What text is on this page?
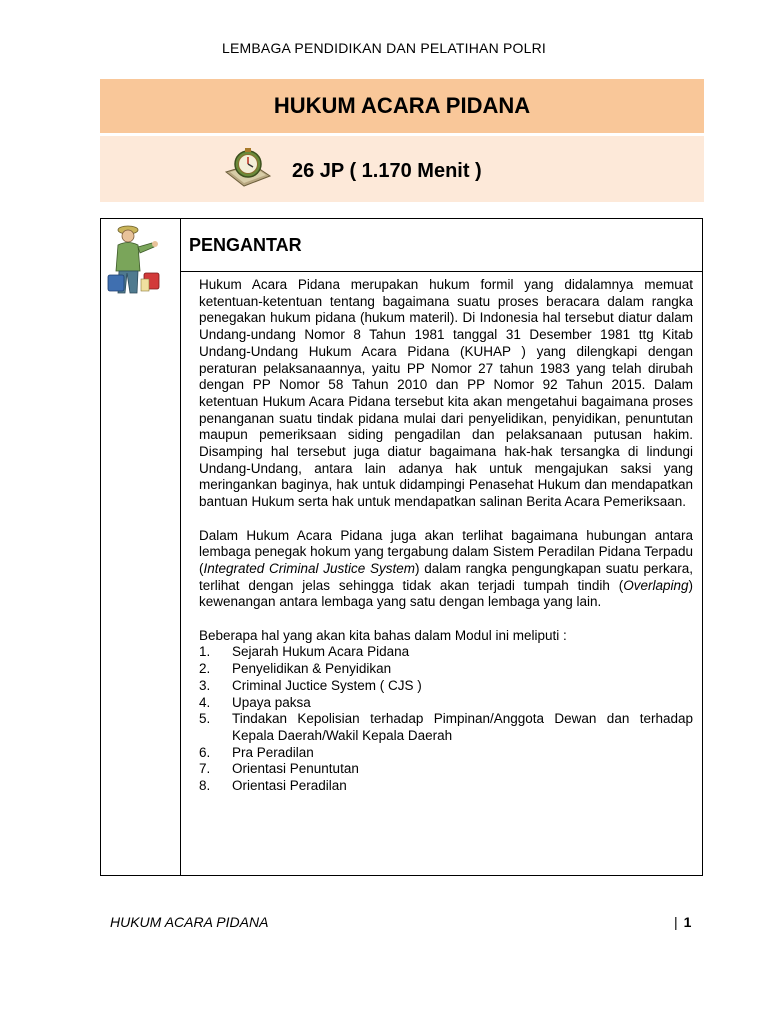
LEMBAGA PENDIDIKAN DAN PELATIHAN POLRI
HUKUM ACARA PIDANA
26 JP ( 1.170 Menit )
PENGANTAR

Hukum Acara Pidana merupakan hukum formil yang didalamnya memuat ketentuan-ketentuan tentang bagaimana suatu proses beracara dalam rangka penegakan hukum pidana (hukum materil). Di Indonesia hal tersebut diatur dalam Undang-undang Nomor 8 Tahun 1981 tanggal 31 Desember 1981 ttg Kitab Undang-Undang Hukum Acara Pidana (KUHAP ) yang dilengkapi dengan peraturan pelaksanaannya, yaitu PP Nomor 27 tahun 1983 yang telah dirubah dengan PP Nomor 58 Tahun 2010 dan PP Nomor 92 Tahun 2015. Dalam ketentuan Hukum Acara Pidana tersebut kita akan mengetahui bagaimana proses penanganan suatu tindak pidana mulai dari penyelidikan, penyidikan, penuntutan maupun pemeriksaan siding pengadilan dan pelaksanaan putusan hakim. Disamping hal tersebut juga diatur bagaimana hak-hak tersangka di lindungi Undang-Undang, antara lain adanya hak untuk mengajukan saksi yang meringankan baginya, hak untuk didampingi Penasehat Hukum dan mendapatkan bantuan Hukum serta hak untuk mendapatkan salinan Berita Acara Pemeriksaan.

Dalam Hukum Acara Pidana juga akan terlihat bagaimana hubungan antara lembaga penegak hokum yang tergabung dalam Sistem Peradilan Pidana Terpadu (Integrated Criminal Justice System) dalam rangka pengungkapan suatu perkara, terlihat dengan jelas sehingga tidak akan terjadi tumpah tindih (Overlaping) kewenangan antara lembaga yang satu dengan lembaga yang lain.

Beberapa hal yang akan kita bahas dalam Modul ini meliputi :

1.	Sejarah Hukum Acara Pidana
2.	Penyelidikan & Penyidikan
3.	Criminal Juctice System ( CJS )
4.	Upaya paksa
5.	Tindakan Kepolisian terhadap Pimpinan/Anggota Dewan dan terhadap Kepala Daerah/Wakil Kepala Daerah
6.	Pra Peradilan
7.	Orientasi Penuntutan
8.	Orientasi Peradilan
HUKUM ACARA PIDANA	| 1
